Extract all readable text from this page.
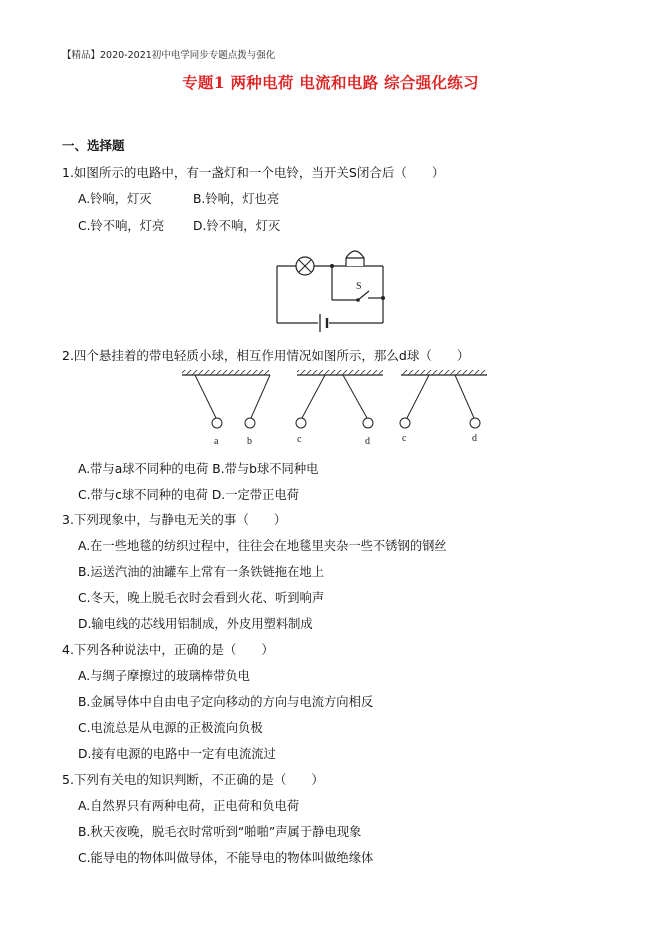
【精品】2020-2021初中电学同步专题点拨与强化
专题1 两种电荷 电流和电路 综合强化练习
一、选择题
1.如图所示的电路中，有一盏灯和一个电铃，当开关S闭合后（　　）
A.铃响，灯灭	B.铃响，灯也亮
C.铃不响，灯亮 D.铃不响，灯灭
S
2.四个悬挂着的带电轻质小球，相互作用情况如图所示，那么d球（　　）
a	b	c	d	c	d
A.带与a球不同种的电荷 B.带与b球不同种电
C.带与c球不同种的电荷 D.一定带正电荷
3.下列现象中，与静电无关的事（　　）
A.在一些地毯的纺织过程中，往往会在地毯里夹杂一些不锈钢的钢丝
B.运送汽油的油罐车上常有一条铁链拖在地上
C.冬天，晚上脱毛衣时会看到火花、听到响声
D.输电线的芯线用铝制成，外皮用塑料制成
4.下列各种说法中，正确的是（　　）
A.与绸子摩擦过的玻璃棒带负电
B.金属导体中自由电子定向移动的方向与电流方向相反
C.电流总是从电源的正极流向负极
D.接有电源的电路中一定有电流流过
5.下列有关电的知识判断，不正确的是（　　）
A.自然界只有两种电荷，正电荷和负电荷
B.秋天夜晚，脱毛衣时常听到“啪啪”声属于静电现象
C.能导电的物体叫做导体，不能导电的物体叫做绝缘体
